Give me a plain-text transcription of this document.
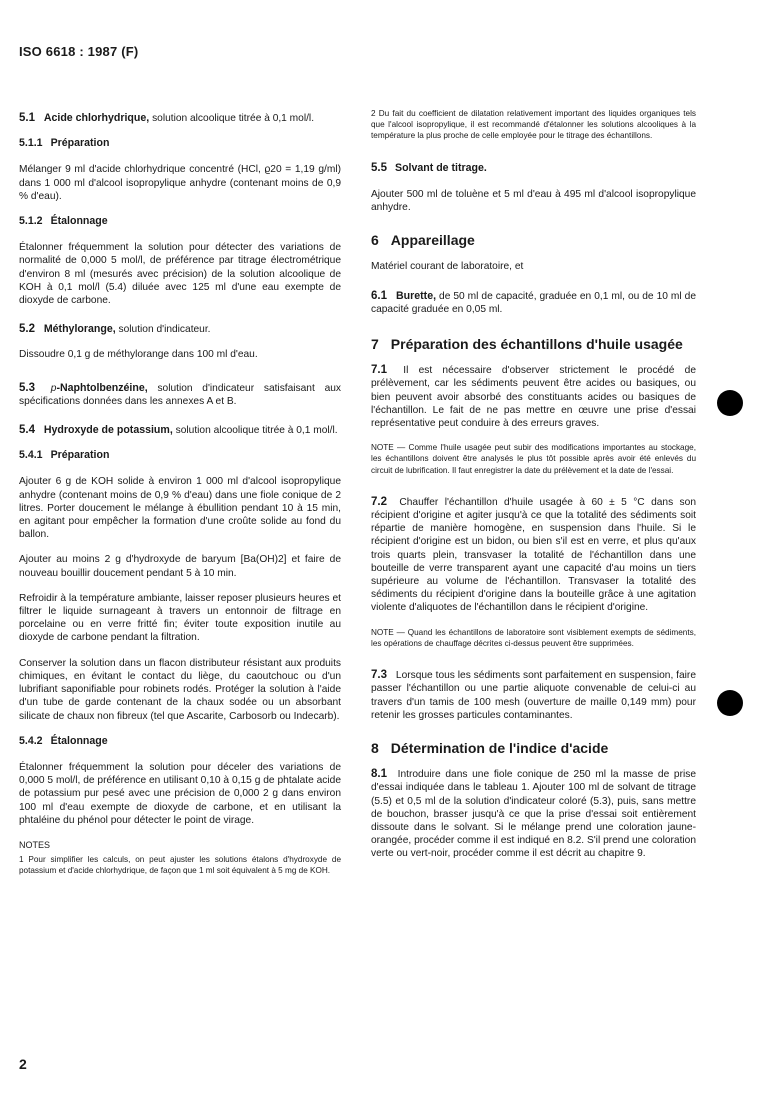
ISO 6618 : 1987 (F)

5.1 Acide chlorhydrique, solution alcoolique titrée à 0,1 mol/l.

5.1.1 Préparation

Mélanger 9 ml d'acide chlorhydrique concentré (HCl, ϱ20 = 1,19 g/ml) dans 1 000 ml d'alcool isopropylique anhydre (contenant moins de 0,9 % d'eau).

5.1.2 Étalonnage

Étalonner fréquemment la solution pour détecter des variations de normalité de 0,000 5 mol/l, de préférence par titrage électrométrique d'environ 8 ml (mesurés avec précision) de la solution alcoolique de KOH à 0,1 mol/l (5.4) diluée avec 125 ml d'une eau exempte de dioxyde de carbone.

5.2 Méthylorange, solution d'indicateur.

Dissoudre 0,1 g de méthylorange dans 100 ml d'eau.

5.3 p-Naphtolbenzéine, solution d'indicateur satisfaisant aux spécifications données dans les annexes A et B.

5.4 Hydroxyde de potassium, solution alcoolique titrée à 0,1 mol/l.

5.4.1 Préparation

Ajouter 6 g de KOH solide à environ 1 000 ml d'alcool isopropylique anhydre (contenant moins de 0,9 % d'eau) dans une fiole conique de 2 litres. Porter doucement le mélange à ébullition pendant 10 à 15 min, en agitant pour empêcher la formation d'une croûte solide au fond du ballon.

Ajouter au moins 2 g d'hydroxyde de baryum [Ba(OH)2] et faire de nouveau bouillir doucement pendant 5 à 10 min.

Refroidir à la température ambiante, laisser reposer plusieurs heures et filtrer le liquide surnageant à travers un entonnoir de filtrage en porcelaine ou en verre fritté fin; éviter toute exposition inutile au dioxyde de carbone pendant la filtration.

Conserver la solution dans un flacon distributeur résistant aux produits chimiques, en évitant le contact du liège, du caoutchouc ou d'un lubrifiant saponifiable pour robinets rodés. Protéger la solution à l'aide d'un tube de garde contenant de la chaux sodée ou un absorbant silicate de chaux non fibreux (tel que Ascarite, Carbosorb ou Indecarb).

5.4.2 Étalonnage

Étalonner fréquemment la solution pour déceler des variations de 0,000 5 mol/l, de préférence en utilisant 0,10 à 0,15 g de phtalate acide de potassium pur pesé avec une précision de 0,000 2 g dans environ 100 ml d'eau exempte de dioxyde de carbone, et en utilisant la phtaléine du phénol pour détecter le point de virage.

NOTES

1 Pour simplifier les calculs, on peut ajuster les solutions étalons d'hydroxyde de potassium et d'acide chlorhydrique, de façon que 1 ml soit équivalent à 5 mg de KOH.

2 Du fait du coefficient de dilatation relativement important des liquides organiques tels que l'alcool isopropylique, il est recommandé d'étalonner les solutions alcooliques à la température la plus proche de celle employée pour le titrage des échantillons.

5.5 Solvant de titrage.

Ajouter 500 ml de toluène et 5 ml d'eau à 495 ml d'alcool isopropylique anhydre.

6 Appareillage

Matériel courant de laboratoire, et

6.1 Burette, de 50 ml de capacité, graduée en 0,1 ml, ou de 10 ml de capacité graduée en 0,05 ml.

7 Préparation des échantillons d'huile usagée

7.1 Il est nécessaire d'observer strictement le procédé de prélèvement, car les sédiments peuvent être acides ou basiques, ou bien peuvent avoir absorbé des constituants acides ou basiques de l'échantillon. Le fait de ne pas mettre en œuvre une prise d'essai représentative peut conduire à des erreurs graves.

NOTE — Comme l'huile usagée peut subir des modifications importantes au stockage, les échantillons doivent être analysés le plus tôt possible après avoir été enlevés du circuit de lubrification. Il faut enregistrer la date du prélèvement et la date de l'essai.

7.2 Chauffer l'échantillon d'huile usagée à 60 ± 5 °C dans son récipient d'origine et agiter jusqu'à ce que la totalité des sédiments soit répartie de manière homogène, en suspension dans l'huile. Si le récipient d'origine est un bidon, ou bien s'il est en verre, et plus qu'aux trois quarts plein, transvaser la totalité de l'échantillon dans une bouteille de verre transparent ayant une capacité d'au moins un tiers supérieure au volume de l'échantillon. Transvaser la totalité des sédiments du récipient d'origine dans la bouteille grâce à une agitation violente d'aliquotes de l'échantillon dans le récipient d'origine.

NOTE — Quand les échantillons de laboratoire sont visiblement exempts de sédiments, les opérations de chauffage décrites ci-dessus peuvent être supprimées.

7.3 Lorsque tous les sédiments sont parfaitement en suspension, faire passer l'échantillon ou une partie aliquote convenable de celui-ci au travers d'un tamis de 100 mesh (ouverture de maille 0,149 mm) pour retenir les grosses particules contaminantes.

8 Détermination de l'indice d'acide

8.1 Introduire dans une fiole conique de 250 ml la masse de prise d'essai indiquée dans le tableau 1. Ajouter 100 ml de solvant de titrage (5.5) et 0,5 ml de la solution d'indicateur coloré (5.3), puis, sans mettre de bouchon, brasser jusqu'à ce que la prise d'essai soit entièrement dissoute dans le solvant. Si le mélange prend une coloration jaune-orangée, procéder comme il est indiqué en 8.2. S'il prend une coloration verte ou vert-noir, procéder comme il est décrit au chapitre 9.

2
